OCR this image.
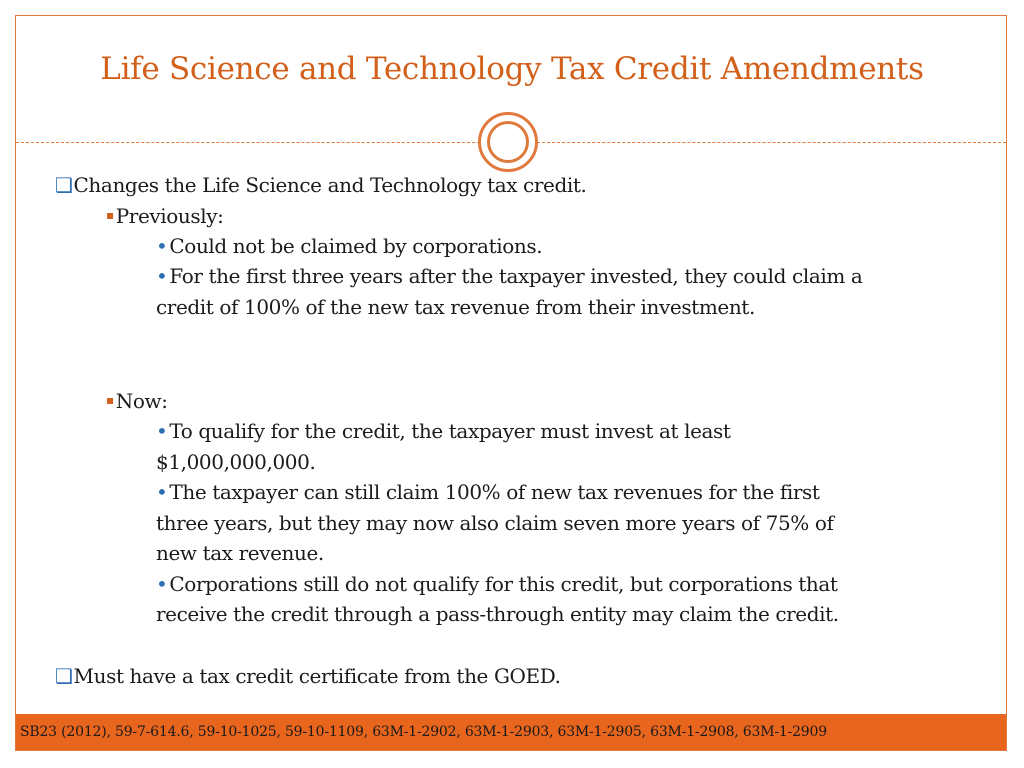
Life Science and Technology Tax Credit Amendments
❑Changes the Life Science and Technology tax credit.
▪ Previously:
• Could not be claimed by corporations.
• For the first three years after the taxpayer invested, they could claim a
credit of 100% of the new tax revenue from their investment.
▪ Now:
• To qualify for the credit, the taxpayer must invest at least
$1,000,000,000.
• The taxpayer can still claim 100% of new tax revenues for the first
three years, but they may now also claim seven more years of 75% of
new tax revenue.
• Corporations still do not qualify for this credit, but corporations that
receive the credit through a pass-through entity may claim the credit.
❑Must have a tax credit certificate from the GOED.
SB23 (2012), 59-7-614.6, 59-10-1025, 59-10-1109, 63M-1-2902, 63M-1-2903, 63M-1-2905, 63M-1-2908, 63M-1-2909
